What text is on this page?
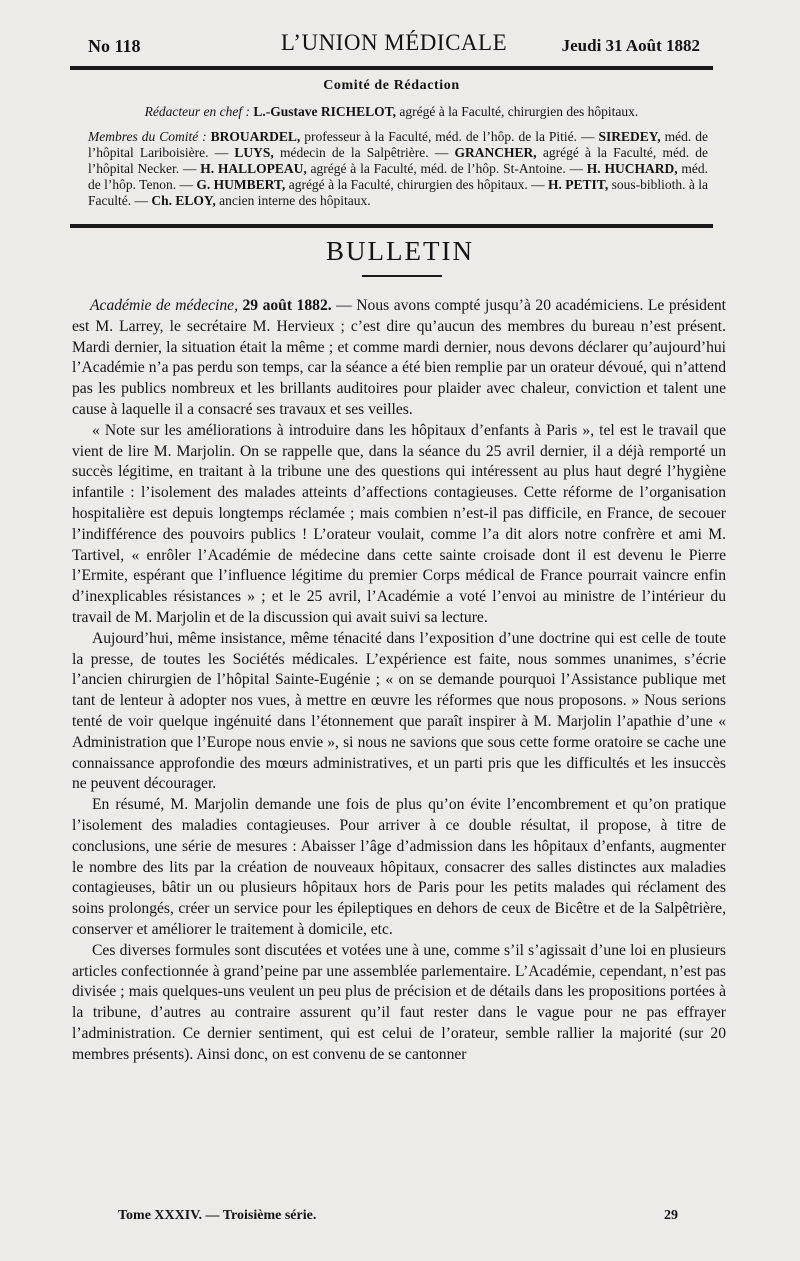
No 118	L’UNION MÉDICALE	Jeudi 31 Août 1882
Comité de Rédaction
Rédacteur en chef : L.-Gustave RICHELOT, agrégé à la Faculté, chirurgien des hôpitaux.
Membres du Comité : BROUARDEL, professeur à la Faculté, méd. de l’hôp. de la Pitié. — SIREDEY, méd. de l’hôpital Lariboisière. — LUYS, médecin de la Salpêtrière. — GRANCHER, agrégé à la Faculté, méd. de l’hôpital Necker. — H. HALLOPEAU, agrégé à la Faculté, méd. de l’hôp. St-Antoine. — H. HUCHARD, méd. de l’hôp. Tenon. — G. HUMBERT, agrégé à la Faculté, chirurgien des hôpitaux. — H. PETIT, sous-biblioth. à la Faculté. — Ch. ELOY, ancien interne des hôpitaux.
BULLETIN

Académie de médecine, 29 août 1882. — Nous avons compté jusqu’à 20 académiciens. Le président est M. Larrey, le secrétaire M. Hervieux ; c’est dire qu’aucun des membres du bureau n’est présent. Mardi dernier, la situation était la même ; et comme mardi dernier, nous devons déclarer qu’aujourd’hui l’Académie n’a pas perdu son temps, car la séance a été bien remplie par un orateur dévoué, qui n’attend pas les publics nombreux et les brillants auditoires pour plaider avec chaleur, conviction et talent une cause à laquelle il a consacré ses travaux et ses veilles.

« Note sur les améliorations à introduire dans les hôpitaux d’enfants à Paris », tel est le travail que vient de lire M. Marjolin. On se rappelle que, dans la séance du 25 avril dernier, il a déjà remporté un succès légitime, en traitant à la tribune une des questions qui intéressent au plus haut degré l’hygiène infantile : l’isolement des malades atteints d’affections contagieuses. Cette réforme de l’organisation hospitalière est depuis longtemps réclamée ; mais combien n’est-il pas difficile, en France, de secouer l’indifférence des pouvoirs publics ! L’orateur voulait, comme l’a dit alors notre confrère et ami M. Tartivel, « enrôler l’Académie de médecine dans cette sainte croisade dont il est devenu le Pierre l’Ermite, espérant que l’influence légitime du premier Corps médical de France pourrait vaincre enfin d’inexplicables résistances » ; et le 25 avril, l’Académie a voté l’envoi au ministre de l’intérieur du travail de M. Marjolin et de la discussion qui avait suivi sa lecture.

Aujourd’hui, même insistance, même ténacité dans l’exposition d’une doctrine qui est celle de toute la presse, de toutes les Sociétés médicales. L’expérience est faite, nous sommes unanimes, s’écrie l’ancien chirurgien de l’hôpital Sainte-Eugénie ; « on se demande pourquoi l’Assistance publique met tant de lenteur à adopter nos vues, à mettre en œuvre les réformes que nous proposons. » Nous serions tenté de voir quelque ingénuité dans l’étonnement que paraît inspirer à M. Marjolin l’apathie d’une « Administration que l’Europe nous envie », si nous ne savions que sous cette forme oratoire se cache une connaissance approfondie des mœurs administratives, et un parti pris que les difficultés et les insuccès ne peuvent décourager.

En résumé, M. Marjolin demande une fois de plus qu’on évite l’encombrement et qu’on pratique l’isolement des maladies contagieuses. Pour arriver à ce double résultat, il propose, à titre de conclusions, une série de mesures : Abaisser l’âge d’admission dans les hôpitaux d’enfants, augmenter le nombre des lits par la création de nouveaux hôpitaux, consacrer des salles distinctes aux maladies contagieuses, bâtir un ou plusieurs hôpitaux hors de Paris pour les petits malades qui réclament des soins prolongés, créer un service pour les épileptiques en dehors de ceux de Bicêtre et de la Salpêtrière, conserver et améliorer le traitement à domicile, etc.

Ces diverses formules sont discutées et votées une à une, comme s’il s’agissait d’une loi en plusieurs articles confectionnée à grand’peine par une assemblée parlementaire. L’Académie, cependant, n’est pas divisée ; mais quelques-uns veulent un peu plus de précision et de détails dans les propositions portées à la tribune, d’autres au contraire assurent qu’il faut rester dans le vague pour ne pas effrayer l’administration. Ce dernier sentiment, qui est celui de l’orateur, semble rallier la majorité (sur 20 membres présents). Ainsi donc, on est convenu de se cantonner

Tome XXXIV. — Troisième série.	29
